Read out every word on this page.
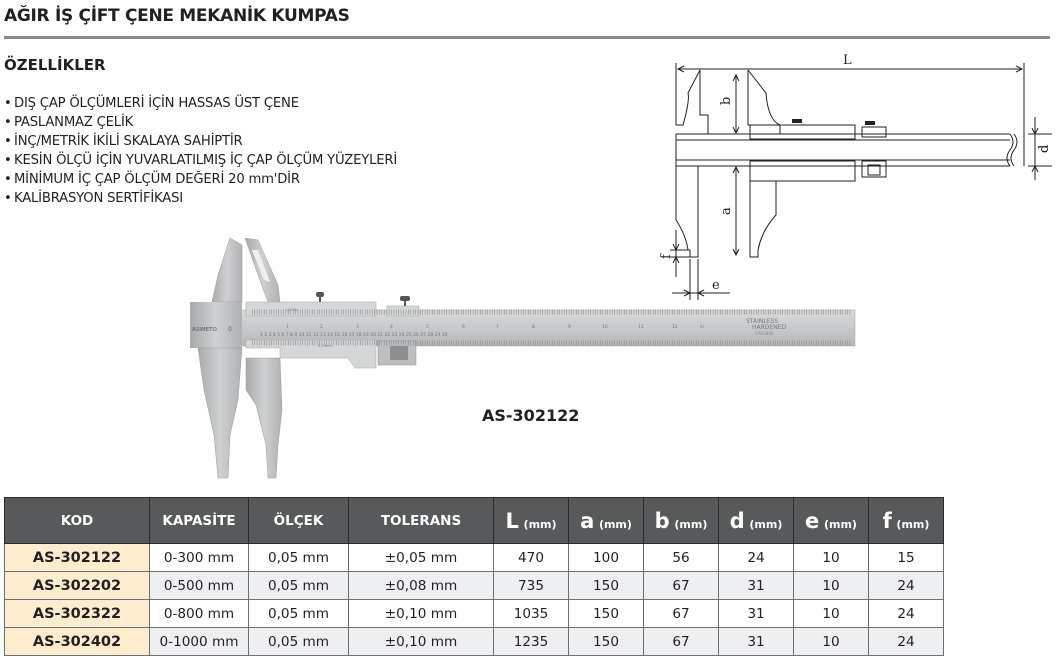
AĞIR İŞ ÇİFT ÇENE MEKANİK KUMPAS
ÖZELLİKLER
• DIŞ ÇAP ÖLÇÜMLERİ İÇİN HASSAS ÜST ÇENE
• PASLANMAZ ÇELİK
• İNÇ/METRİK İKİLİ SKALAYA SAHİPTİR
• KESİN ÖLÇÜ İÇİN YUVARLATILMIŞ İÇ ÇAP ÖLÇÜM YÜZEYLERİ
• MİNİMUM İÇ ÇAP ÖLÇÜM DEĞERİ 20 mm'DİR
• KALİBRASYON SERTİFİKASI
ASIMETO 0
1/128in
0.05mm
STAINLESS
HARDENED
CAC0906
1	2	3	4	5	6	7	8	9	10	11	12	in
1 2 3 4 5 6 7 8 9 10 11 12 13 14 15 16 17 18 19 20 21 22 23 24 25 26 27 28 29 30
AS-302122
L
b
a
d
f
e
KOD	KAPASİTE	ÖLÇEK	TOLERANS	L (mm)	a (mm)	b (mm)	d (mm)	e (mm)	f (mm)
AS-302122	0-300 mm	0,05 mm	±0,05 mm	470	100	56	24	10	15
AS-302202	0-500 mm	0,05 mm	±0,08 mm	735	150	67	31	10	24
AS-302322	0-800 mm	0,05 mm	±0,10 mm	1035	150	67	31	10	24
AS-302402	0-1000 mm	0,05 mm	±0,10 mm	1235	150	67	31	10	24
